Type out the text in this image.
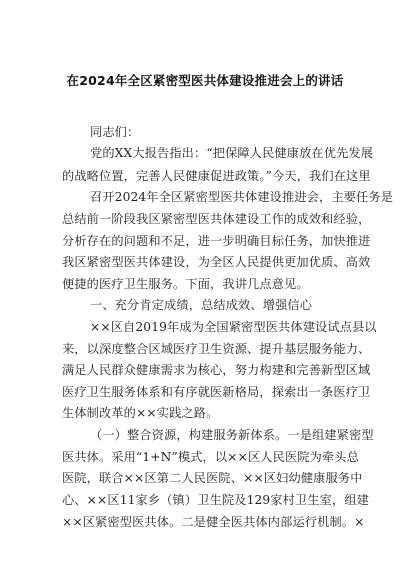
在2024年全区紧密型医共体建设推进会上的讲话
同志们：
党的XX大报告指出：“把保障人民健康放在优先发展
的战略位置，完善人民健康促进政策。”今天，我们在这里
召开2024年全区紧密型医共体建设推进会，主要任务是
总结前一阶段我区紧密型医共体建设工作的成效和经验，
分析存在的问题和不足，进一步明确目标任务，加快推进
我区紧密型医共体建设，为全区人民提供更加优质、高效
便捷的医疗卫生服务。下面，我讲几点意见。
一、充分肯定成绩，总结成效、增强信心
××区自2019年成为全国紧密型医共体建设试点县以
来，以深度整合区域医疗卫生资源、提升基层服务能力、
满足人民群众健康需求为核心，努力构建和完善新型区域
医疗卫生服务体系和有序就医新格局，探索出一条医疗卫
生体制改革的××实践之路。
（一）整合资源，构建服务新体系。一是组建紧密型
医共体。采用“1+N”模式，以××区人民医院为牵头总
医院，联合××区第二人民医院、××区妇幼健康服务中
心、××区11家乡（镇）卫生院及129家村卫生室，组建
××区紧密型医共体。二是健全医共体内部运行机制。×
